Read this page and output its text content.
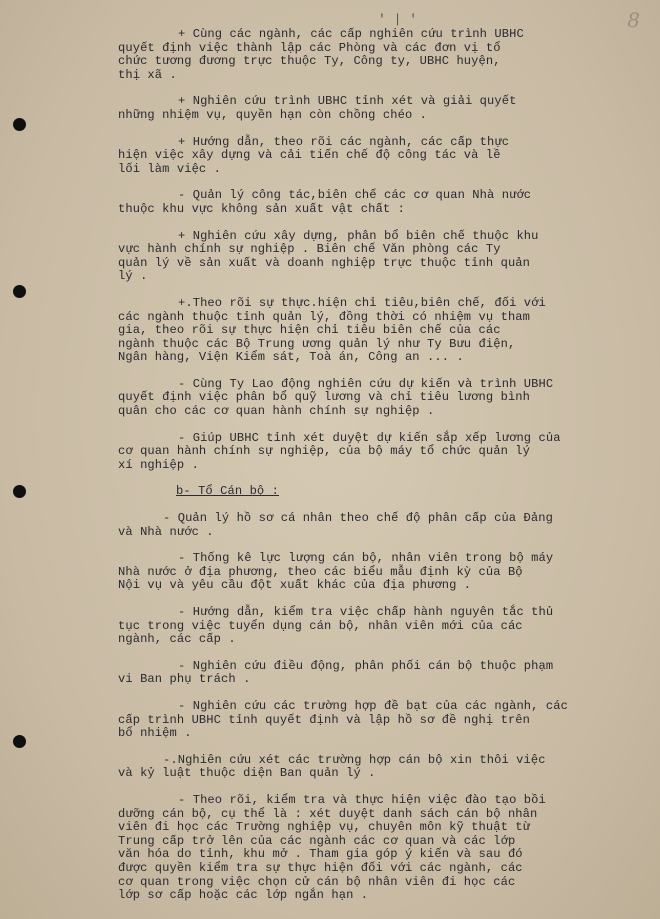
8
' | '
+ Cùng các ngành, các cấp nghiên cứu trình UBHC
quyết định việc thành lập các Phòng và các đơn vị tổ
chức tương đương trực thuộc Ty, Công ty, UBHC huyện,
thị xã .
+ Nghiên cứu trình UBHC tỉnh xét và giải quyết
những nhiệm vụ, quyền hạn còn chồng chéo .
+ Hướng dẫn, theo rõi các ngành, các cấp thực
hiện việc xây dựng và cải tiến chế độ công tác và lề
lối làm việc .
- Quản lý công tác,biên chế các cơ quan Nhà nước
thuộc khu vực không sản xuất vật chất :
+ Nghiên cứu xây dựng, phân bổ biên chế thuộc khu
vực hành chính sự nghiệp . Biên chế Văn phòng các Ty
quản lý về sản xuất và doanh nghiệp trực thuộc tỉnh quản
lý .
+.Theo rõi sự thực.hiện chỉ tiêu,biên chế, đối với
các ngành thuộc tỉnh quản lý, đồng thời có nhiệm vụ tham
gia, theo rõi sự thực hiện chỉ tiêu biên chế của các
ngành thuộc các Bộ Trung ương quản lý như Ty Bưu điện,
Ngân hàng, Viện Kiểm sát, Toà án, Công an ... .
- Cùng Ty Lao động nghiên cứu dự kiến và trình UBHC
quyết định việc phân bổ quỹ lương và chỉ tiêu lương bình
quân cho các cơ quan hành chính sự nghiệp .
- Giúp UBHC tỉnh xét duyệt dự kiến sắp xếp lương của
cơ quan hành chính sự nghiệp, của bộ máy tổ chức quản lý
xí nghiệp .
b- Tổ Cán bộ :
- Quản lý hồ sơ cá nhân theo chế độ phân cấp của Đảng
và Nhà nước .
- Thống kê lực lượng cán bộ, nhân viên trong bộ máy
Nhà nước ở địa phương, theo các biểu mẫu định kỳ của Bộ
Nội vụ và yêu cầu đột xuất khác của địa phương .
- Hướng dẫn, kiểm tra việc chấp hành nguyên tắc thủ
tục trong việc tuyển dụng cán bộ, nhân viên mới của các
ngành, các cấp .
- Nghiên cứu điều động, phân phối cán bộ thuộc phạm
vi Ban phụ trách .
- Nghiên cứu các trường hợp đề bạt của các ngành, các
cấp trình UBHC tỉnh quyết định và lập hồ sơ đề nghị trên
bổ nhiệm .
-.Nghiên cứu xét các trường hợp cán bộ xin thôi việc
và kỷ luật thuộc diện Ban quản lý .
- Theo rõi, kiểm tra và thực hiện việc đào tạo bồi
dưỡng cán bộ, cụ thể là : xét duyệt danh sách cán bộ nhân
viên đi học các Trường nghiệp vụ, chuyên môn kỹ thuật từ
Trung cấp trở lên của các ngành các cơ quan và các lớp
văn hóa do tỉnh, khu mở . Tham gia góp ý kiến và sau đó
được quyền kiểm tra sự thực hiện đối với các ngành, các
cơ quan trong việc chọn cử cán bộ nhân viên đi học các
lớp sơ cấp hoặc các lớp ngắn hạn .
